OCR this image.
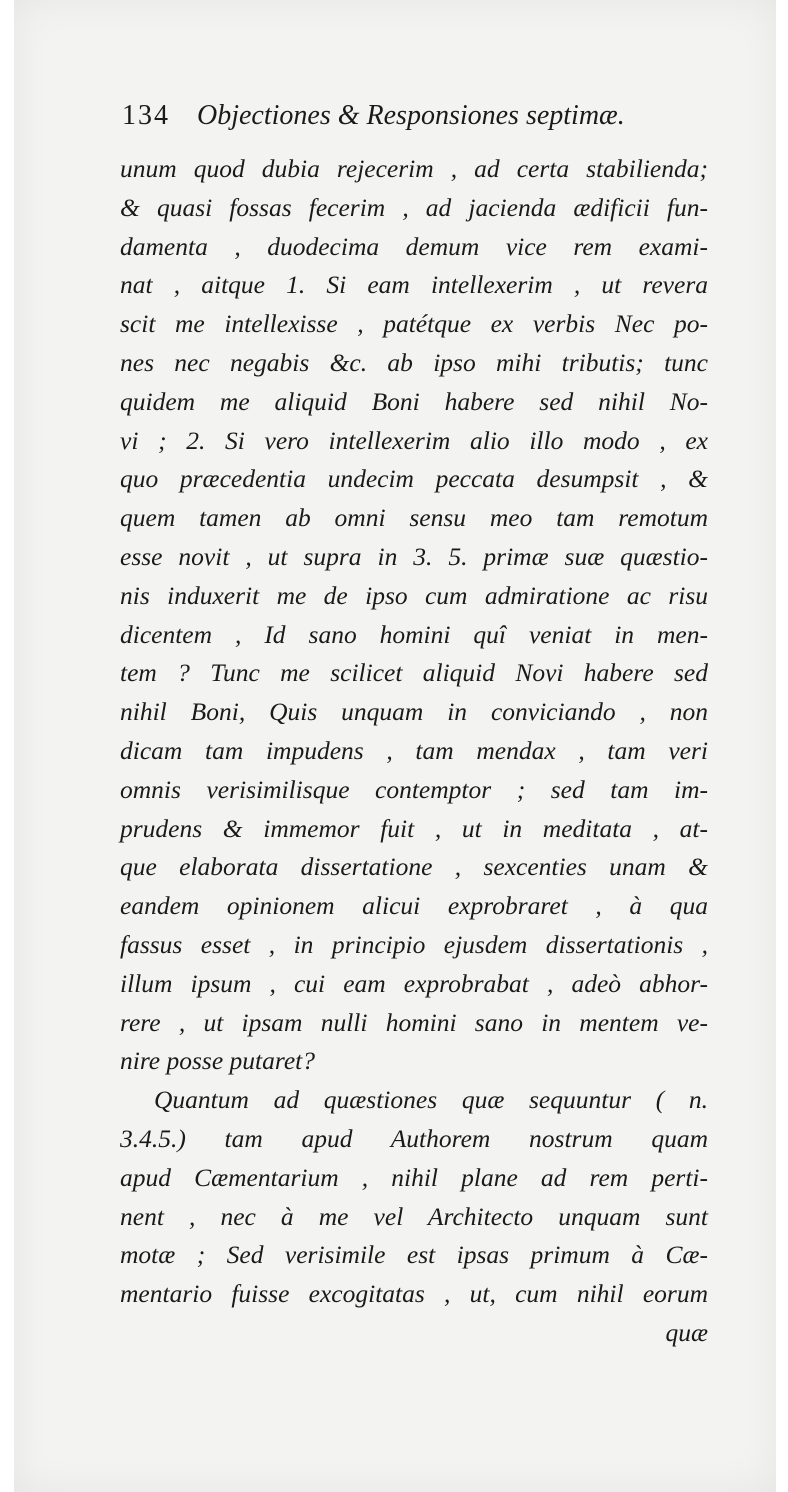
134 Objectiones & Responsiones septimæ.
unum quod dubia rejecerim , ad certa stabilienda;
& quasi fossas fecerim , ad jacienda ædificii fun-
damenta , duodecima demum vice rem exami-
nat , aitque 1. Si eam intellexerim , ut revera
scit me intellexisse , patétque ex verbis Nec po-
nes nec negabis &c. ab ipso mihi tributis; tunc
quidem me aliquid Boni habere sed nihil No-
vi ; 2. Si vero intellexerim alio illo modo , ex
quo præcedentia undecim peccata desumpsit , &
quem tamen ab omni sensu meo tam remotum
esse novit , ut supra in 3. 5. primæ suæ quæstio-
nis induxerit me de ipso cum admiratione ac risu
dicentem , Id sano homini quî veniat in men-
tem ? Tunc me scilicet aliquid Novi habere sed
nihil Boni, Quis unquam in conviciando , non
dicam tam impudens , tam mendax , tam veri
omnis verisimilisque contemptor ; sed tam im-
prudens & immemor fuit , ut in meditata , at-
que elaborata dissertatione , sexcenties unam &
eandem opinionem alicui exprobraret , à qua
fassus esset , in principio ejusdem dissertationis ,
illum ipsum , cui eam exprobrabat , adeò abhor-
rere , ut ipsam nulli homini sano in mentem ve-
nire posse putaret?
Quantum ad quæstiones quæ sequuntur ( n.
3.4.5.) tam apud Authorem nostrum quam
apud Cæmentarium , nihil plane ad rem perti-
nent , nec à me vel Architecto unquam sunt
motæ ; Sed verisimile est ipsas primum à Cæ-
mentario fuisse excogitatas , ut, cum nihil eorum
quæ
